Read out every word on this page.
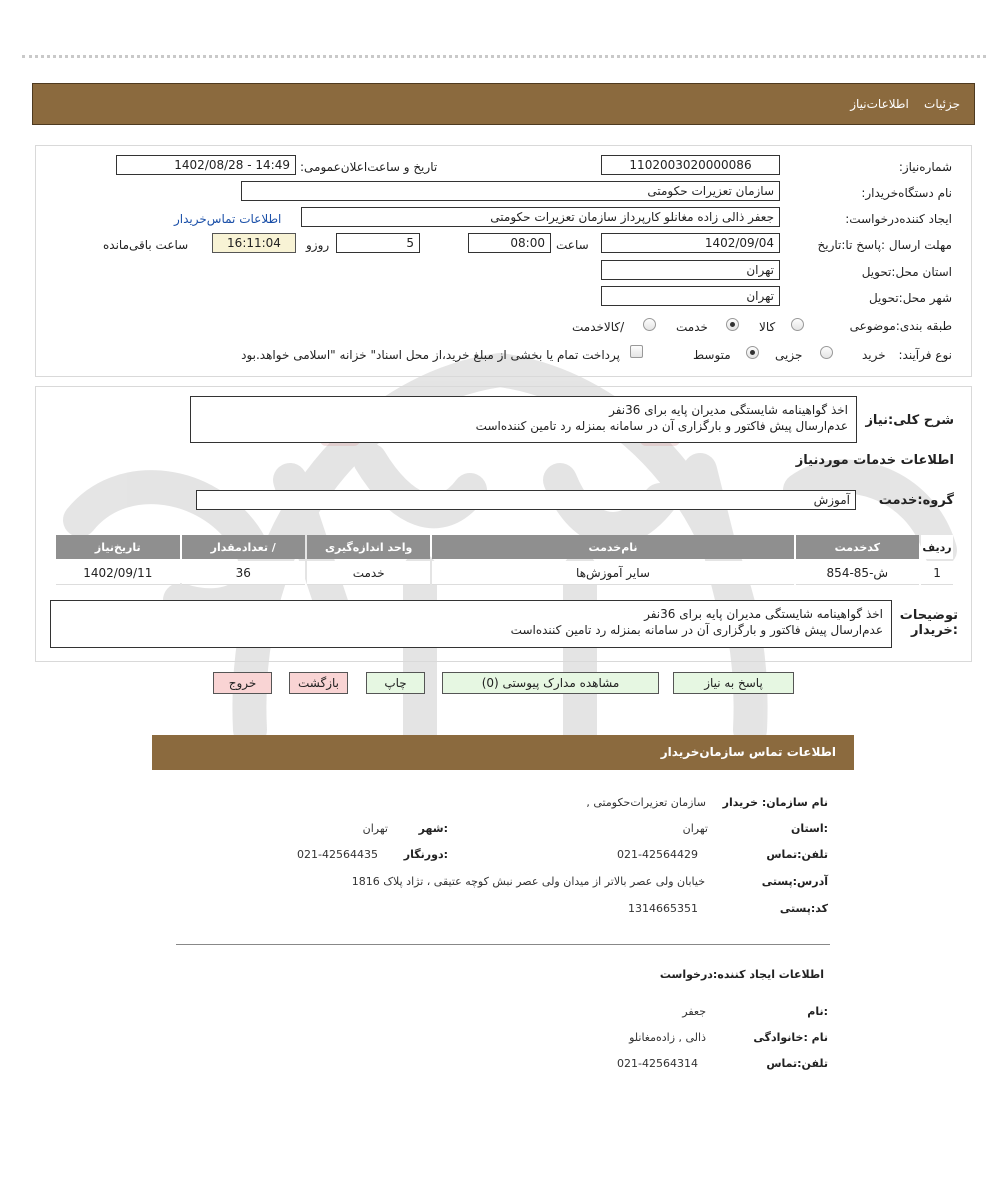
جزئیات    اطلاعات‌نیاز
شماره‌نیاز:
1102003020000086
تاریخ و ساعت‌اعلان‌عمومی:
1402/08/28 - 14:49
نام دستگاه‌خریدار:
سازمان تعزیرات حکومتی
ایجاد کننده‌درخواست:
جعفر ذالی زاده مغانلو کارپرداز سازمان تعزیرات حکومتی
اطلاعات تماس‌خریدار
مهلت ارسال :پاسخ تا:تاریخ
1402/09/04
ساعت
08:00
5
روزو
16:11:04
ساعت باقی‌مانده
استان محل:تحویل
تهران
شهر محل:تحویل
تهران
طبقه بندی:موضوعی
کالا
خدمت
/کالاخدمت
نوع فرآیند:
خرید
جزیی
متوسط
پرداخت تمام یا بخشی از مبلغ خرید،از محل اسناد" خزانه "اسلامی خواهد.بود
شرح کلی:نیاز
اخذ گواهینامه شایستگی مدیران پایه برای 36نفر
عدم‌ارسال پیش فاکتور و بارگزاری آن در سامانه بمنزله رد تامین کننده‌است
اطلاعات خدمات موردنیاز
گروه:خدمت
آموزش
ردیف	کدخدمت	نام‌خدمت	واحد اندازه‌گیری	/ تعدادمقدار	تاریخ‌نیاز
1	ش-85-854	سایر آموزش‌ها	خدمت	36	1402/09/11
توضیحات
:خریدار
اخذ گواهینامه شایستگی مدیران پایه برای 36نفر
عدم‌ارسال پیش فاکتور و بارگزاری آن در سامانه بمنزله رد تامین کننده‌است
پاسخ به نیاز
مشاهده مدارک پیوستی (0)
چاپ
بازگشت
خروج
اطلاعات تماس سازمان‌خریدار
نام سازمان: خریدار
سازمان تعزیرات‌حکومتی ,
:استان
تهران
:شهر
تهران
تلفن:تماس
021-42564429
:دورنگار
021-42564435
آدرس:پستی
خیابان ولی عصر بالاتر از میدان ولی عصر نبش کوچه عتیقی ، تژاد پلاک 1816
کد:پستی
1314665351
اطلاعات ایجاد کننده:درخواست
:نام
جعفر
نام :خانوادگی
ذالی , زاده‌مغانلو
تلفن:تماس
021-42564314
